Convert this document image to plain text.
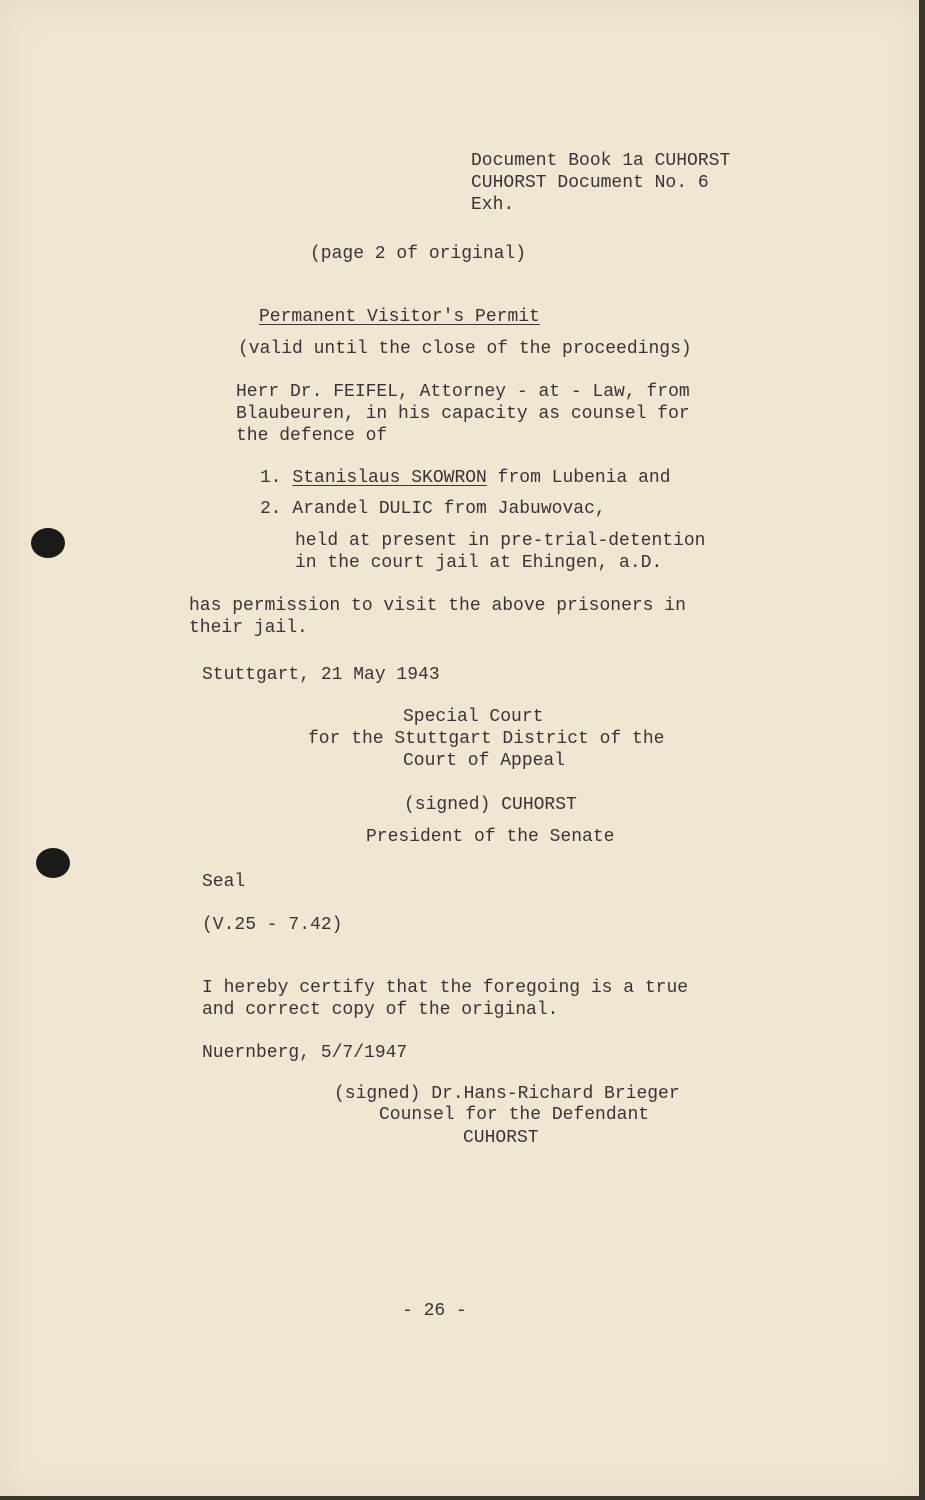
Document Book 1a CUHORST
CUHORST Document No. 6
Exh.
(page 2 of original)
Permanent Visitor's Permit
(valid until the close of the proceedings)
Herr Dr. FEIFEL, Attorney - at - Law, from
Blaubeuren, in his capacity as counsel for
the defence of
1. Stanislaus SKOWRON from Lubenia and
2. Arandel DULIC from Jabuwovac,
held at present in pre-trial-detention
in the court jail at Ehingen, a.D.
has permission to visit the above prisoners in
their jail.
Stuttgart, 21 May 1943
Special Court
for the Stuttgart District of the
Court of Appeal
(signed) CUHORST
President of the Senate
Seal
(V.25 - 7.42)
I hereby certify that the foregoing is a true
and correct copy of the original.
Nuernberg, 5/7/1947
(signed) Dr.Hans-Richard Brieger
Counsel for the Defendant
CUHORST
- 26 -
